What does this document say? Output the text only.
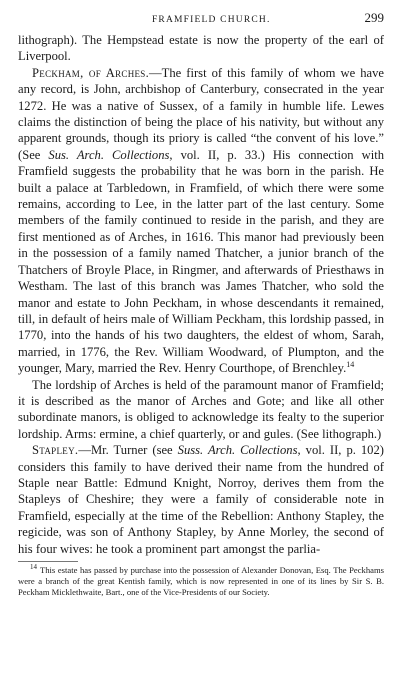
FRAMFIELD CHURCH.	299

lithograph). The Hempstead estate is now the property of the earl of Liverpool.

Peckham, of Arches.—The first of this family of whom we have any record, is John, archbishop of Canterbury, consecrated in the year 1272. He was a native of Sussex, of a family in humble life. Lewes claims the distinction of being the place of his nativity, but without any apparent grounds, though its priory is called “the convent of his love.” (See Sus. Arch. Collections, vol. II, p. 33.) His connection with Framfield suggests the probability that he was born in the parish. He built a palace at Tarbledown, in Framfield, of which there were some remains, according to Lee, in the latter part of the last century. Some members of the family continued to reside in the parish, and they are first mentioned as of Arches, in 1616. This manor had previously been in the possession of a family named Thatcher, a junior branch of the Thatchers of Broyle Place, in Ringmer, and afterwards of Priesthaws in Westham. The last of this branch was James Thatcher, who sold the manor and estate to John Peckham, in whose descendants it remained, till, in default of heirs male of William Peckham, this lordship passed, in 1770, into the hands of his two daughters, the eldest of whom, Sarah, married, in 1776, the Rev. William Woodward, of Plumpton, and the younger, Mary, married the Rev. Henry Courthope, of Brenchley.$^{14}$

The lordship of Arches is held of the paramount manor of Framfield; it is described as the manor of Arches and Gote; and like all other subordinate manors, is obliged to acknowledge its fealty to the superior lordship. Arms: ermine, a chief quarterly, or and gules. (See lithograph.)

Stapley.—Mr. Turner (see Suss. Arch. Collections, vol. II, p. 102) considers this family to have derived their name from the hundred of Staple near Battle: Edmund Knight, Norroy, derives them from the Stapleys of Cheshire; they were a family of considerable note in Framfield, especially at the time of the Rebellion: Anthony Stapley, the regicide, was son of Anthony Stapley, by Anne Morley, the second of his four wives: he took a prominent part amongst the parlia-

$^{14}$ This estate has passed by purchase into the possession of Alexander Donovan, Esq. The Peckhams were a branch of the great Kentish family, which is now represented in one of its lines by Sir S. B. Peckham Micklethwaite, Bart., one of the Vice-Presidents of our Society.
